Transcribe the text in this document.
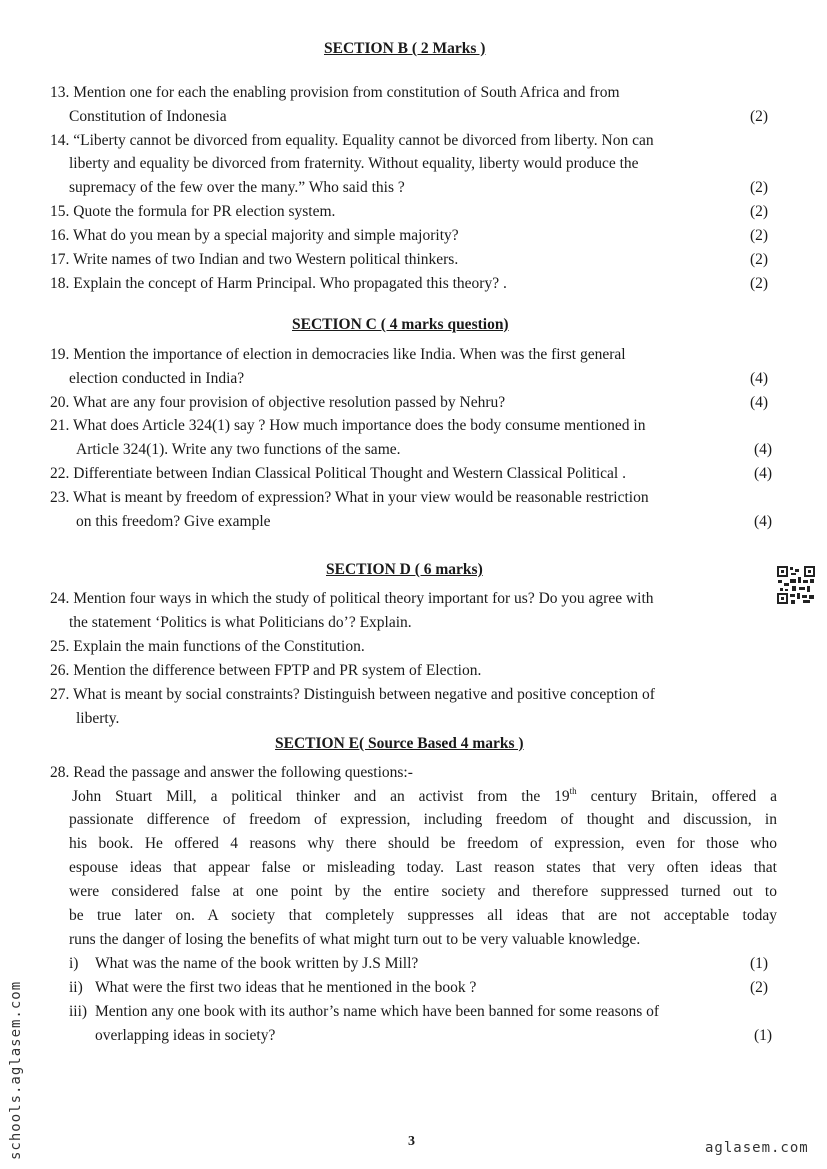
SECTION B ( 2 Marks )
13. Mention one for each the enabling provision from constitution of South Africa and from
Constitution of Indonesia	(2)
14. “Liberty cannot be divorced from equality. Equality cannot be divorced from liberty. Non can
liberty and equality be divorced from fraternity. Without equality, liberty would produce the
supremacy of the few over the many.” Who said this ?	(2)
15. Quote the formula for PR election system.	(2)
16. What do you mean by a special majority and simple majority?	(2)
17. Write names of two Indian and two Western political thinkers.	(2)
18. Explain the concept of Harm Principal. Who propagated this theory? .	(2)
SECTION C ( 4 marks question)
19. Mention the importance of election in democracies like India. When was the first general
election conducted in India?	(4)
20. What are any four provision of objective resolution passed by Nehru?	(4)
21. What does Article 324(1) say ? How much importance does the body consume mentioned in
Article 324(1). Write any two functions of the same.	(4)
22. Differentiate between Indian Classical Political Thought and Western Classical Political .	(4)
23. What is meant by freedom of expression? What in your view would be reasonable restriction
on this freedom? Give example	(4)
SECTION D ( 6 marks)
24. Mention four ways in which the study of political theory important for us? Do you agree with
the statement ‘Politics is what Politicians do’? Explain.
25. Explain the main functions of the Constitution.
26. Mention the difference between FPTP and PR system of Election.
27. What is meant by social constraints? Distinguish between negative and positive conception of
liberty.
SECTION E( Source Based 4 marks )
28. Read the passage and answer the following questions:-
John Stuart Mill, a political thinker and an activist from the 19th century Britain, offered a
passionate difference of freedom of expression, including freedom of thought and discussion, in
his book. He offered 4 reasons why there should be freedom of expression, even for those who
espouse ideas that appear false or misleading today. Last reason states that very often ideas that
were considered false at one point by the entire society and therefore suppressed turned out to
be true later on. A society that completely suppresses all ideas that are not acceptable today
runs the danger of losing the benefits of what might turn out to be very valuable knowledge.
i) What was the name of the book written by J.S Mill?	(1)
ii) What were the first two ideas that he mentioned in the book ?	(2)
iii) Mention any one book with its author’s name which have been banned for some reasons of
overlapping ideas in society?	(1)
3
schools.aglasem.com	aglasem.com
